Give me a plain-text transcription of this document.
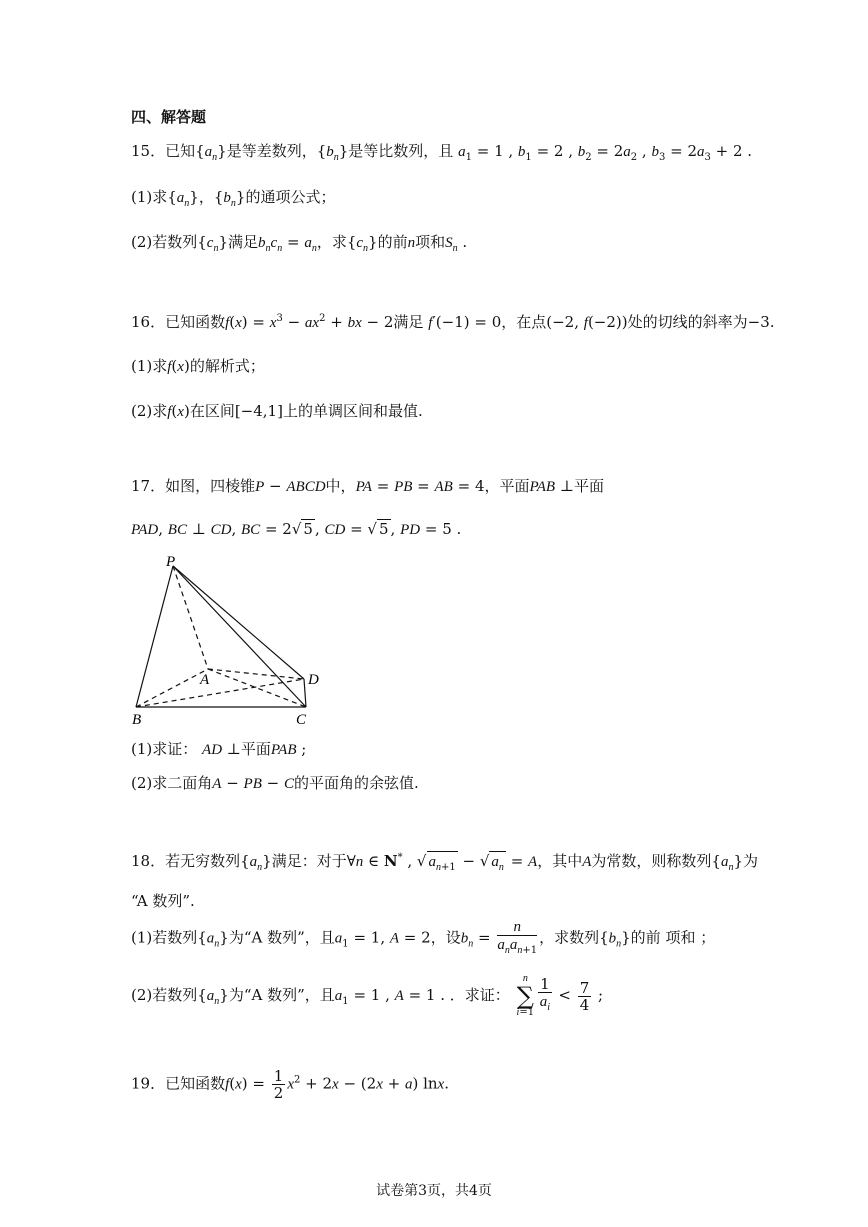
四、解答题
15．已知$\{a_n\}$是等差数列，$\{b_n\}$是等比数列，且 $a_1 = 1$ , $b_1 = 2$ , $b_2 = 2a_2$ , $b_3 = 2a_3 + 2$ .
(1)求$\{a_n\}$，$\{b_n\}$的通项公式；
(2)若数列$\{c_n\}$满足$b_nc_n = a_n$，求$\{c_n\}$的前n项和$S_n$ .
16．已知函数$f(x) = x^3 - ax^2$ + bx − 2满足 f′(−1) = 0，在点(−2, f(−2))处的切线的斜率为−3.
(1)求f(x)的解析式；
(2)求f(x)在区间[−4,1]上的单调区间和最值.
17．如图，四棱锥P − ABCD中，PA = PB = AB = 4，平面PAB ⊥平面
PAD, BC ⊥ CD, BC = 2√ 5 , CD = √ 5 , PD = 5 .
P
A	D
B	C
(1)求证： AD ⊥平面PAB ;
(2)求二面角A − PB − C的平面角的余弦值.
18．若无穷数列$\{a_n\}$满足：对于∀n ∈ N* , √ $a_{n+1}$ − √ $a_n = A$，其中A为常数，则称数列$\{a_n\}$为
“A 数列”.
(1)若数列$\{a_n\}$为“A 数列”，且$a_1 = 1$, A = 2，设$b_n = \frac{n}{a_na_{n+1}}$ ，求数列$\{b_n\}$的前 项和 ；
(2)若数列$\{a_n\}$为“A 数列”，且$a_1 = 1$ , A = 1 . ．求证： n
∑
$i=1 \frac{1}{a_i} < \frac{7}{4}$ ;
19．已知函数$f(x) = \frac{1}{2} x^2 + 2x - (2x + a)$ lnx.
试卷第3页，共4页
